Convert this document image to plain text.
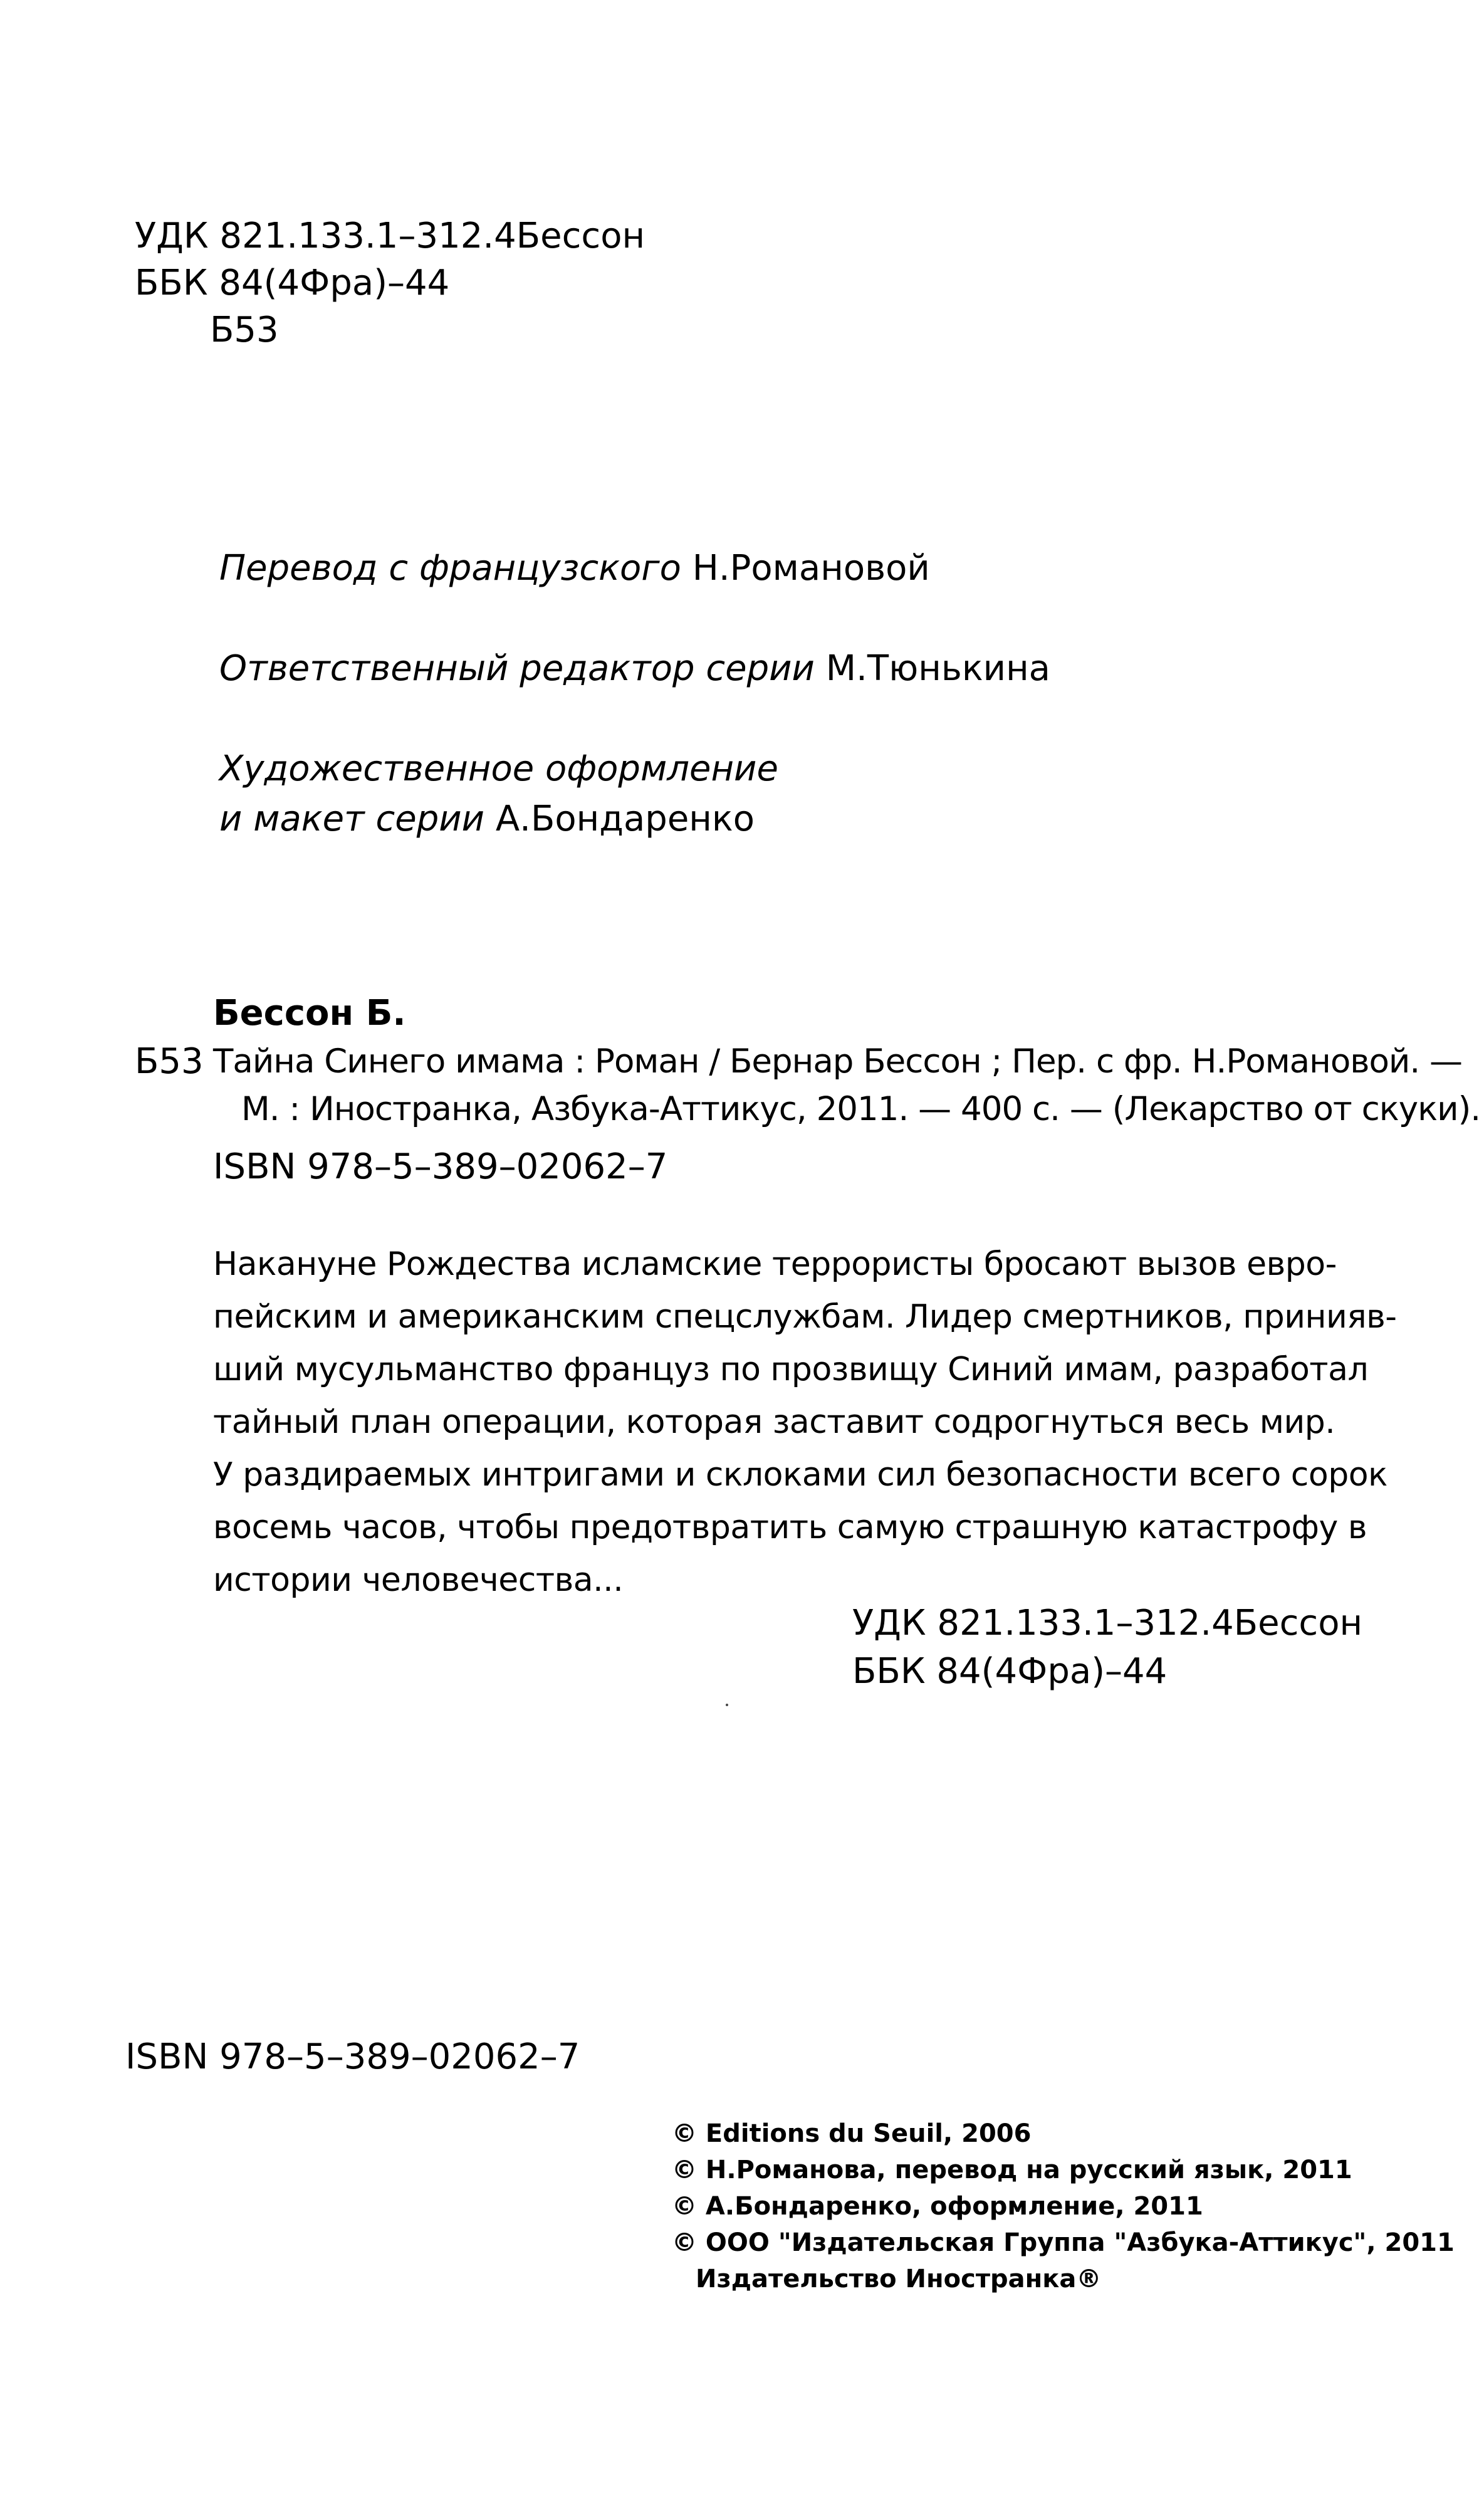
УДК 821.133.1–312.4Бессон
ББК 84(4Фра)–44
Б53
Перевод с французского Н.Романовой
Ответственный редактор серии М.Тюнькина
Художественное оформление
и макет серии А.Бондаренко
Бессон Б.
Б53 Тайна Синего имама : Роман / Бернар Бессон ; Пер. с фр. Н.Романовой. —
М. : Иностранка, Азбука-Аттикус, 2011. — 400 с. — (Лекарство от скуки).
ISBN 978–5–389–02062–7
Накануне Рождества исламские террористы бросают вызов евро-
пейским и американским спецслужбам. Лидер смертников, принияв-
ший мусульманство француз по прозвищу Синий имам, разработал
тайный план операции, которая заставит содрогнуться весь мир.
У раздираемых интригами и склоками сил безопасности всего сорок
восемь часов, чтобы предотвратить самую страшную катастрофу в
истории человечества...
УДК 821.133.1–312.4Бессон
ББК 84(4Фра)–44
ISBN 978–5–389–02062–7
© Editions du Seuil, 2006
© Н.Романова, перевод на русский язык, 2011
© А.Бондаренко, оформление, 2011
© ООО "Издательская Группа "Азбука-Аттикус", 2011
Издательство Иностранка®
